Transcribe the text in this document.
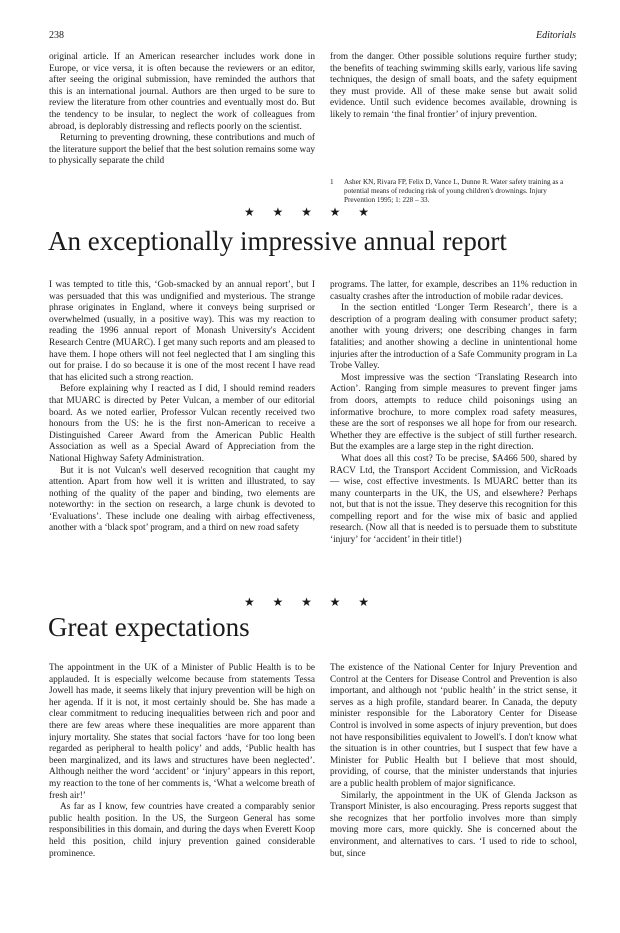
238	Editorials

original article. If an American researcher includes work done in Europe, or vice versa, it is often because the reviewers or an editor, after seeing the original submission, have reminded the authors that this is an international journal. Authors are then urged to be sure to review the literature from other countries and eventually most do. But the tendency to be insular, to neglect the work of colleagues from abroad, is deplorably distressing and reflects poorly on the scientist.

Returning to preventing drowning, these contributions and much of the literature support the belief that the best solution remains some way to physically separate the child

from the danger. Other possible solutions require further study; the benefits of teaching swimming skills early, various life saving techniques, the design of small boats, and the safety equipment they must provide. All of these make sense but await solid evidence. Until such evidence becomes available, drowning is likely to remain ‘the final frontier’ of injury prevention.

1 Asher KN, Rivara FP, Felix D, Vance L, Dunne R. Water safety training as a potential means of reducing risk of young children's drownings. Injury Prevention 1995; 1: 228 – 33.
★ ★ ★ ★ ★
An exceptionally impressive annual report

I was tempted to title this, ‘Gob-smacked by an annual report’, but I was persuaded that this was undignified and mysterious. The strange phrase originates in England, where it conveys being surprised or overwhelmed (usually, in a positive way). This was my reaction to reading the 1996 annual report of Monash University's Accident Research Centre (MUARC). I get many such reports and am pleased to have them. I hope others will not feel neglected that I am singling this out for praise. I do so because it is one of the most recent I have read that has elicited such a strong reaction.

Before explaining why I reacted as I did, I should remind readers that MUARC is directed by Peter Vulcan, a member of our editorial board. As we noted earlier, Professor Vulcan recently received two honours from the US: he is the first non-American to receive a Distinguished Career Award from the American Public Health Association as well as a Special Award of Appreciation from the National Highway Safety Administration.

But it is not Vulcan's well deserved recognition that caught my attention. Apart from how well it is written and illustrated, to say nothing of the quality of the paper and binding, two elements are noteworthy: in the section on research, a large chunk is devoted to ‘Evaluations’. These include one dealing with airbag effectiveness, another with a ‘black spot’ program, and a third on new road safety

programs. The latter, for example, describes an 11% reduction in casualty crashes after the introduction of mobile radar devices.

In the section entitled ‘Longer Term Research’, there is a description of a program dealing with consumer product safety; another with young drivers; one describing changes in farm fatalities; and another showing a decline in unintentional home injuries after the introduction of a Safe Community program in La Trobe Valley.

Most impressive was the section ‘Translating Research into Action’. Ranging from simple measures to prevent finger jams from doors, attempts to reduce child poisonings using an informative brochure, to more complex road safety measures, these are the sort of responses we all hope for from our research. Whether they are effective is the subject of still further research. But the examples are a large step in the right direction.

What does all this cost? To be precise, $A466 500, shared by RACV Ltd, the Transport Accident Commission, and VicRoads — wise, cost effective investments. Is MUARC better than its many counterparts in the UK, the US, and elsewhere? Perhaps not, but that is not the issue. They deserve this recognition for this compelling report and for the wise mix of basic and applied research. (Now all that is needed is to persuade them to substitute ‘injury’ for ‘accident’ in their title!)

★ ★ ★ ★ ★
Great expectations

The appointment in the UK of a Minister of Public Health is to be applauded. It is especially welcome because from statements Tessa Jowell has made, it seems likely that injury prevention will be high on her agenda. If it is not, it most certainly should be. She has made a clear commitment to reducing inequalities between rich and poor and there are few areas where these inequalities are more apparent than injury mortality. She states that social factors ‘have for too long been regarded as peripheral to health policy’ and adds, ‘Public health has been marginalized, and its laws and structures have been neglected’. Although neither the word ‘accident’ or ‘injury’ appears in this report, my reaction to the tone of her comments is, ‘What a welcome breath of fresh air!’

As far as I know, few countries have created a comparably senior public health position. In the US, the Surgeon General has some responsibilities in this domain, and during the days when Everett Koop held this position, child injury prevention gained considerable prominence.

The existence of the National Center for Injury Prevention and Control at the Centers for Disease Control and Prevention is also important, and although not ‘public health’ in the strict sense, it serves as a high profile, standard bearer. In Canada, the deputy minister responsible for the Laboratory Center for Disease Control is involved in some aspects of injury prevention, but does not have responsibilities equivalent to Jowell's. I don't know what the situation is in other countries, but I suspect that few have a Minister for Public Health but I believe that most should, providing, of course, that the minister understands that injuries are a public health problem of major significance.

Similarly, the appointment in the UK of Glenda Jackson as Transport Minister, is also encouraging. Press reports suggest that she recognizes that her portfolio involves more than simply moving more cars, more quickly. She is concerned about the environment, and alternatives to cars. ‘I used to ride to school, but, since
